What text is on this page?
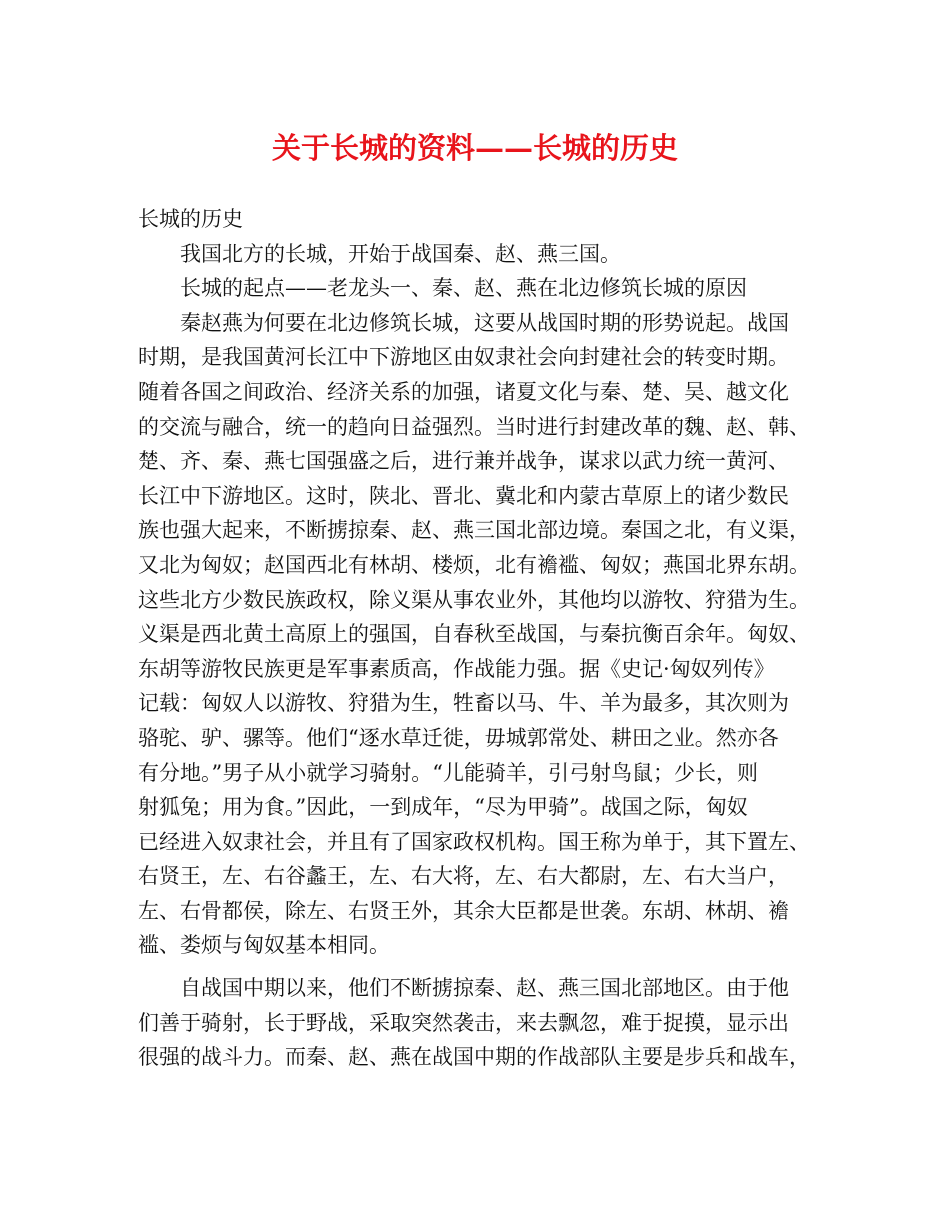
关于长城的资料——长城的历史
长城的历史
我国北方的长城，开始于战国秦、赵、燕三国。
长城的起点——老龙头一、秦、赵、燕在北边修筑长城的原因
秦赵燕为何要在北边修筑长城，这要从战国时期的形势说起。战国
时期，是我国黄河长江中下游地区由奴隶社会向封建社会的转变时期。
随着各国之间政治、经济关系的加强，诸夏文化与秦、楚、吴、越文化
的交流与融合，统一的趋向日益强烈。当时进行封建改革的魏、赵、韩、
楚、齐、秦、燕七国强盛之后，进行兼并战争，谋求以武力统一黄河、
长江中下游地区。这时，陕北、晋北、冀北和内蒙古草原上的诸少数民
族也强大起来，不断掳掠秦、赵、燕三国北部边境。秦国之北，有义渠，
又北为匈奴；赵国西北有林胡、楼烦，北有襜褴、匈奴；燕国北界东胡。
这些北方少数民族政权，除义渠从事农业外，其他均以游牧、狩猎为生。
义渠是西北黄土高原上的强国，自春秋至战国，与秦抗衡百余年。匈奴、
东胡等游牧民族更是军事素质高，作战能力强。据《史记·匈奴列传》
记载：匈奴人以游牧、狩猎为生，牲畜以马、牛、羊为最多，其次则为
骆驼、驴、骡等。他们“逐水草迁徙，毋城郭常处、耕田之业。然亦各
有分地。”男子从小就学习骑射。“儿能骑羊，引弓射鸟鼠；少长，则
射狐兔；用为食。”因此，一到成年，“尽为甲骑”。战国之际，匈奴
已经进入奴隶社会，并且有了国家政权机构。国王称为单于，其下置左、
右贤王，左、右谷蠡王，左、右大将，左、右大都尉，左、右大当户，
左、右骨都侯，除左、右贤王外，其余大臣都是世袭。东胡、林胡、襜
褴、娄烦与匈奴基本相同。
自战国中期以来，他们不断掳掠秦、赵、燕三国北部地区。由于他
们善于骑射，长于野战，采取突然袭击，来去飘忽，难于捉摸，显示出
很强的战斗力。而秦、赵、燕在战国中期的作战部队主要是步兵和战车，
